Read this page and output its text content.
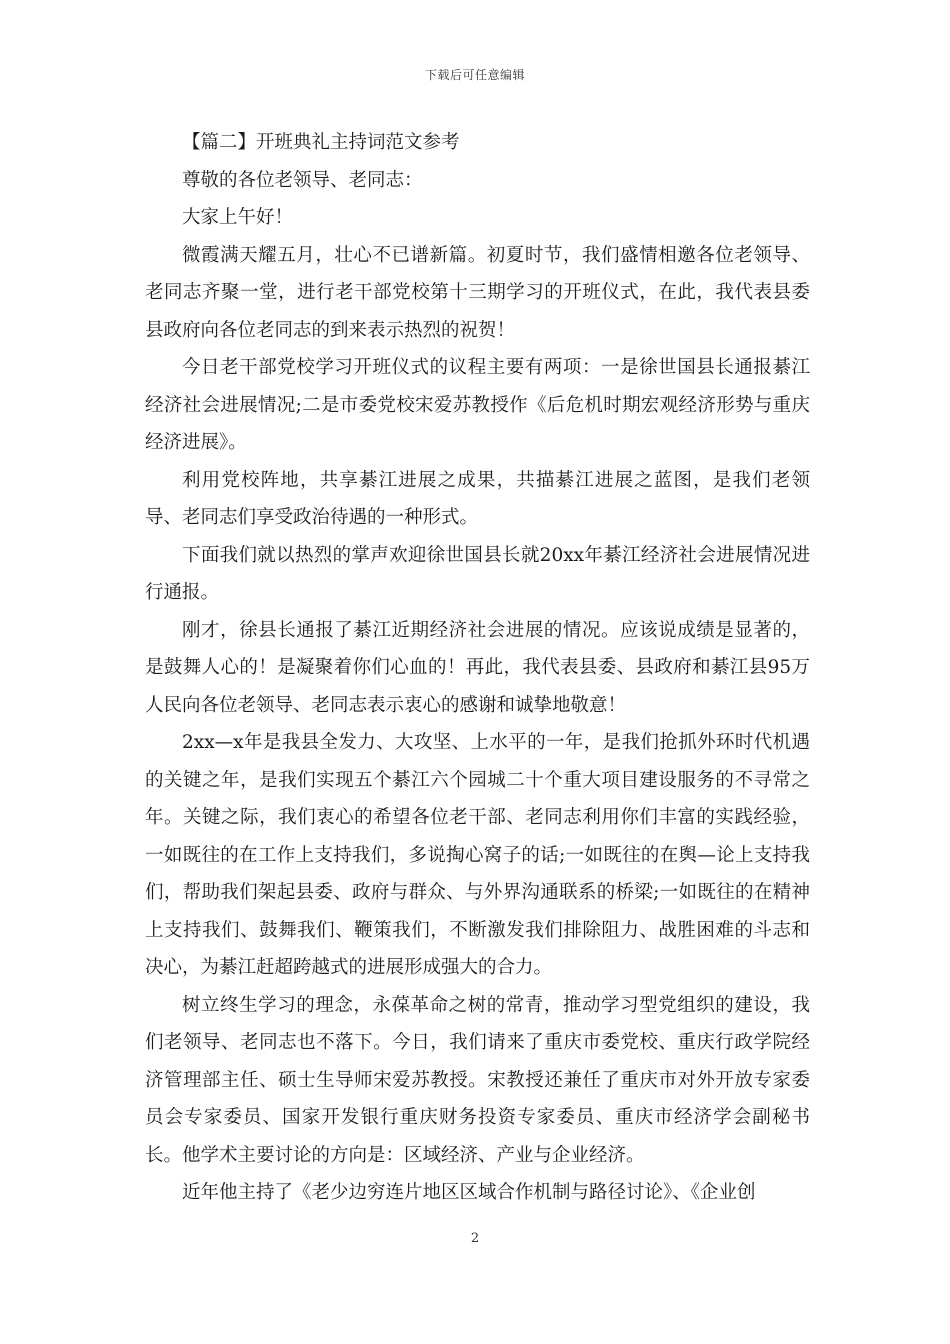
下载后可任意编辑

【篇二】开班典礼主持词范文参考

尊敬的各位老领导、老同志：

大家上午好！

微霞满天耀五月，壮心不已谱新篇。初夏时节，我们盛情相邀各位老领导、老同志齐聚一堂，进行老干部党校第十三期学习的开班仪式，在此，我代表县委县政府向各位老同志的到来表示热烈的祝贺！

今日老干部党校学习开班仪式的议程主要有两项：一是徐世国县长通报綦江经济社会进展情况;二是市委党校宋爱苏教授作《后危机时期宏观经济形势与重庆经济进展》。

利用党校阵地，共享綦江进展之成果，共描綦江进展之蓝图，是我们老领导、老同志们享受政治待遇的一种形式。

下面我们就以热烈的掌声欢迎徐世国县长就20xx年綦江经济社会进展情况进行通报。

刚才，徐县长通报了綦江近期经济社会进展的情况。应该说成绩是显著的，是鼓舞人心的！是凝聚着你们心血的！再此，我代表县委、县政府和綦江县95万人民向各位老领导、老同志表示衷心的感谢和诚挚地敬意！

2xx—x年是我县全发力、大攻坚、上水平的一年，是我们抢抓外环时代机遇的关键之年，是我们实现五个綦江六个园城二十个重大项目建设服务的不寻常之年。关键之际，我们衷心的希望各位老干部、老同志利用你们丰富的实践经验，一如既往的在工作上支持我们，多说掏心窝子的话;一如既往的在舆—论上支持我们，帮助我们架起县委、政府与群众、与外界沟通联系的桥梁;一如既往的在精神上支持我们、鼓舞我们、鞭策我们，不断激发我们排除阻力、战胜困难的斗志和决心，为綦江赶超跨越式的进展形成强大的合力。

树立终生学习的理念，永葆革命之树的常青，推动学习型党组织的建设，我们老领导、老同志也不落下。今日，我们请来了重庆市委党校、重庆行政学院经济管理部主任、硕士生导师宋爱苏教授。宋教授还兼任了重庆市对外开放专家委员会专家委员、国家开发银行重庆财务投资专家委员、重庆市经济学会副秘书长。他学术主要讨论的方向是：区域经济、产业与企业经济。

近年他主持了《老少边穷连片地区区域合作机制与路径讨论》、《企业创

2
